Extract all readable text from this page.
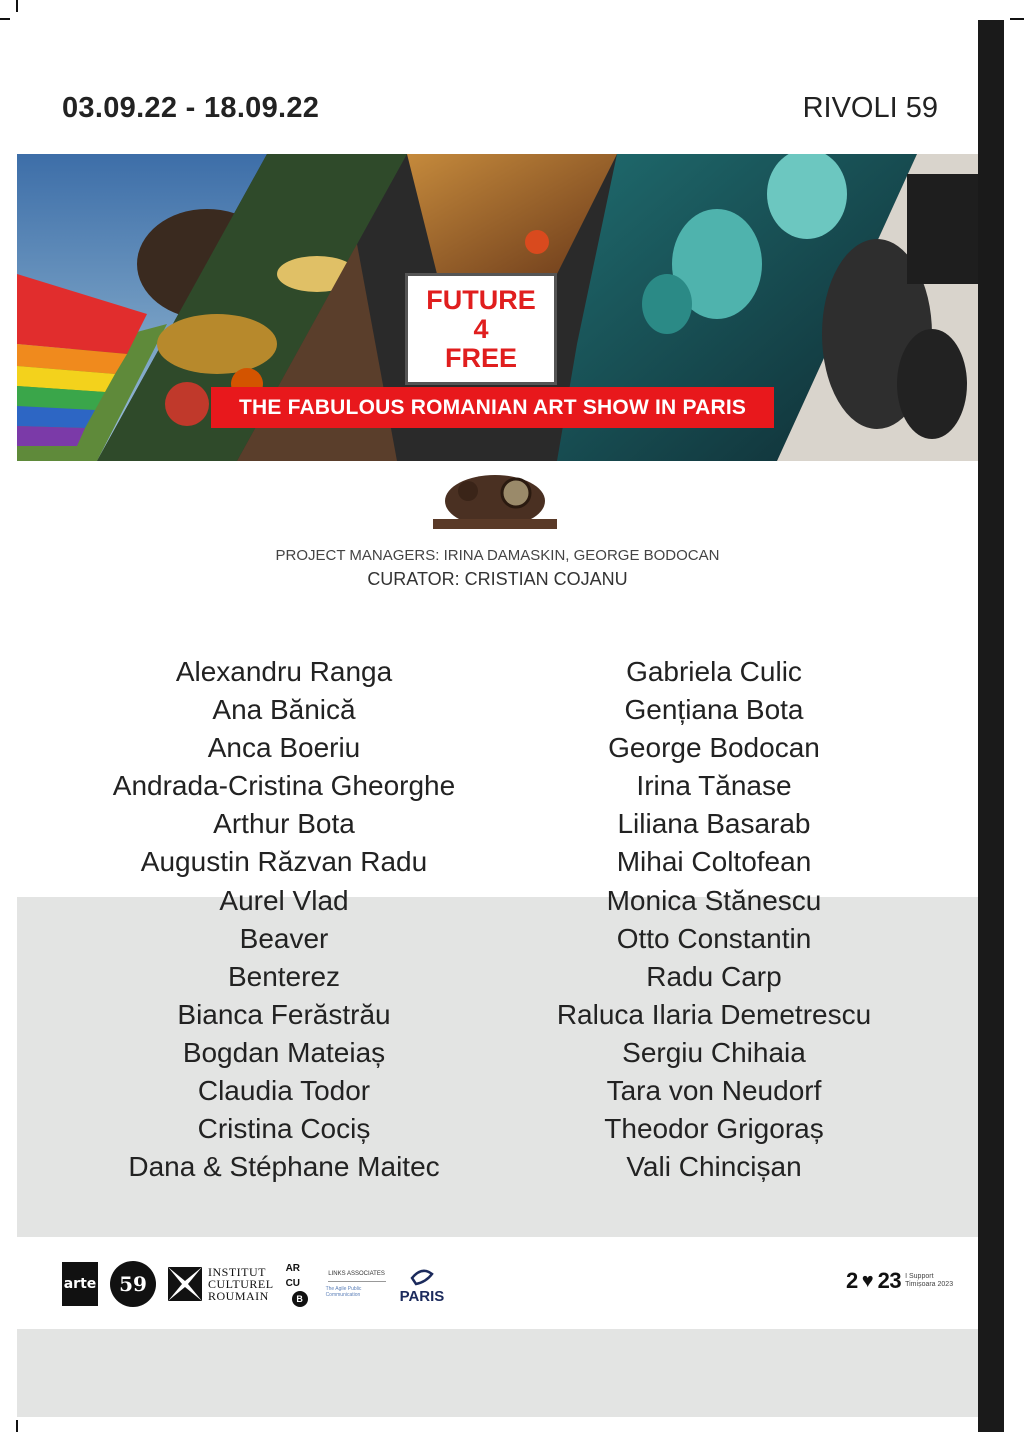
03.09.22 - 18.09.22	RIVOLI 59
FUTURE
4
FREE
THE FABULOUS ROMANIAN ART SHOW IN PARIS
PROJECT MANAGERS: IRINA DAMASKIN, GEORGE BODOCAN
CURATOR: CRISTIAN COJANU
Alexandru Ranga
Ana Bănică
Anca Boeriu
Andrada-Cristina Gheorghe
Arthur Bota
Augustin Răzvan Radu
Aurel Vlad
Beaver
Benterez
Bianca Ferăstrău
Bogdan Mateiaș
Claudia Todor
Cristina Cociș
Dana & Stéphane Maitec
Gabriela Culic
Gențiana Bota
George Bodocan
Irina Tănase
Liliana Basarab
Mihai Coltofean
Monica Stănescu
Otto Constantin
Radu Carp
Raluca Ilaria Demetrescu
Sergiu Chihaia
Tara von Neudorf
Theodor Grigoraș
Vali Chincișan
arte	59	INSTITUT
CULTUREL
ROUMAIN
AR
CU
B
LINKS ASSOCIATES
The Agile Public Communication	PARIS
2 ♥ 23 I Support
Timișoara 2023
